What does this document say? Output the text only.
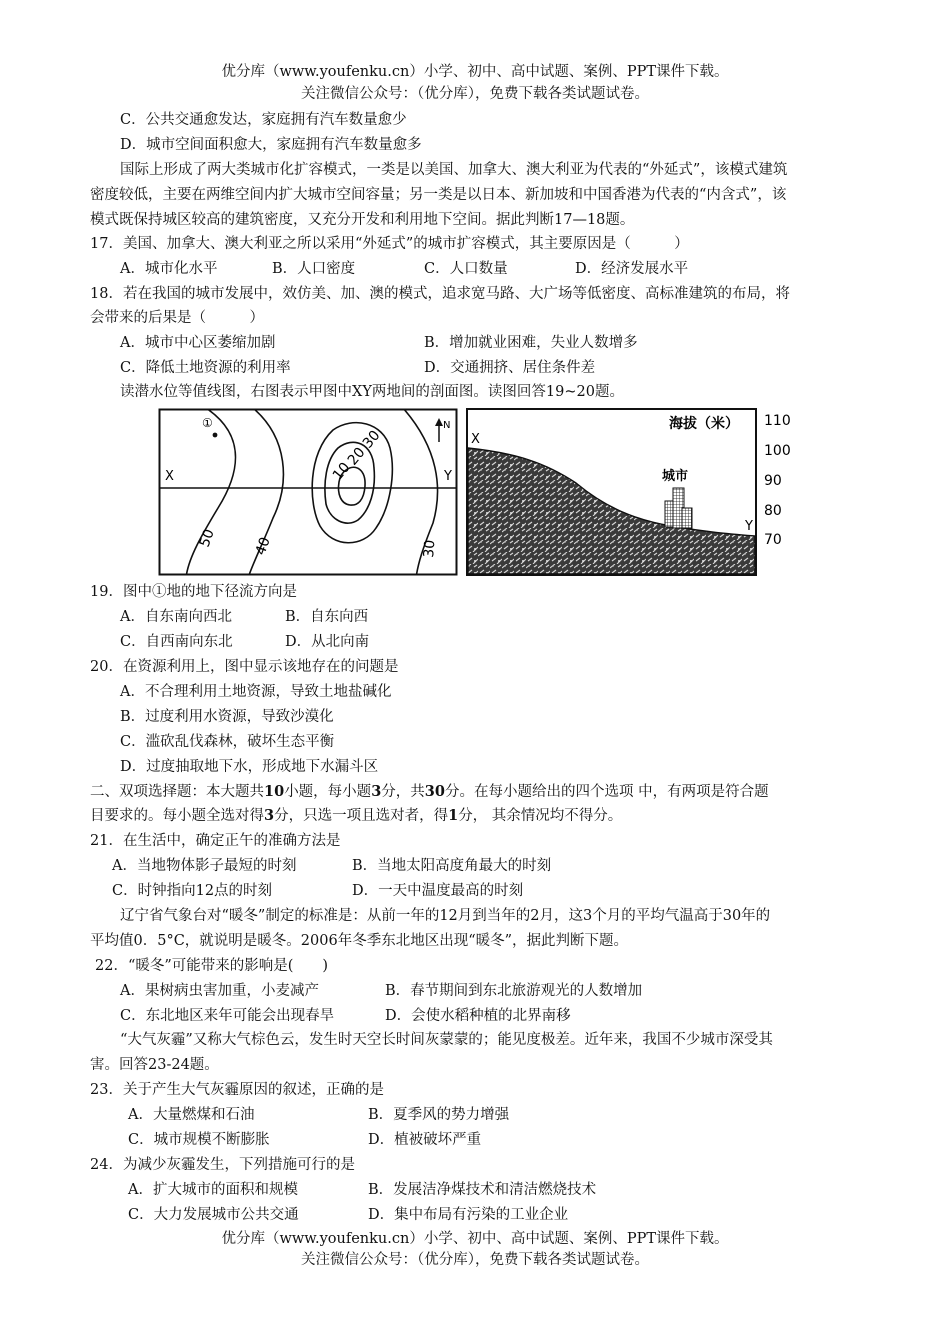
优分库（www.youfenku.cn）小学、初中、高中试题、案例、PPT课件下载。
关注微信公众号：（优分库），免费下载各类试题试卷。
C．公共交通愈发达，家庭拥有汽车数量愈少
D．城市空间面积愈大，家庭拥有汽车数量愈多
国际上形成了两大类城市化扩容模式，一类是以美国、加拿大、澳大利亚为代表的“外延式”，该模式建筑
密度较低，主要在两维空间内扩大城市空间容量；另一类是以日本、新加坡和中国香港为代表的“内含式”，该
模式既保持城区较高的建筑密度，又充分开发和利用地下空间。据此判断17—18题。
17．美国、加拿大、澳大利亚之所以采用“外延式”的城市扩容模式，其主要原因是（　　　）
A．城市化水平	B．人口密度	C．人口数量	D．经济发展水平
18．若在我国的城市发展中，效仿美、加、澳的模式，追求宽马路、大广场等低密度、高标准建筑的布局，将
会带来的后果是（　　　）
A．城市中心区萎缩加剧	B．增加就业困难，失业人数增多
C．降低土地资源的利用率	D．交通拥挤、居住条件差
读潜水位等值线图，右图表示甲图中XY两地间的剖面图。读图回答19~20题。
X	Y
①	N
50 40
30
20
10
30
X
Y
海拔（米）
城市
110
100
90
80
70
19．图中①地的地下径流方向是
A．自东南向西北	B．自东向西
C．自西南向东北	D．从北向南
20．在资源利用上，图中显示该地存在的问题是
A．不合理利用土地资源，导致土地盐碱化
B．过度利用水资源，导致沙漠化
C．滥砍乱伐森林，破坏生态平衡
D．过度抽取地下水，形成地下水漏斗区
二、双项选择题：本大题共10小题，每小题3分，共30分。在每小题给出的四个选项 中，有两项是符合题
目要求的。每小题全选对得3分，只选一项且选对者，得1分， 其余情况均不得分。
21．在生活中，确定正午的准确方法是
A．当地物体影子最短的时刻	B．当地太阳高度角最大的时刻
C．时钟指向12点的时刻	D．一天中温度最高的时刻
辽宁省气象台对“暖冬”制定的标准是：从前一年的12月到当年的2月，这3个月的平均气温高于30年的
平均值0．5°C，就说明是暖冬。2006年冬季东北地区出现“暖冬”，据此判断下题。
22．“暖冬”可能带来的影响是(　　)
A．果树病虫害加重，小麦减产	B．春节期间到东北旅游观光的人数增加
C．东北地区来年可能会出现春旱	D．会使水稻种植的北界南移
“大气灰霾”又称大气棕色云，发生时天空长时间灰蒙蒙的；能见度极差。近年来，我国不少城市深受其
害。回答23-24题。
23．关于产生大气灰霾原因的叙述，正确的是
A．大量燃煤和石油	B．夏季风的势力增强
C．城市规模不断膨胀	D．植被破坏严重
24．为减少灰霾发生，下列措施可行的是
A．扩大城市的面积和规模	B．发展洁净煤技术和清洁燃烧技术
C．大力发展城市公共交通	D．集中布局有污染的工业企业
优分库（www.youfenku.cn）小学、初中、高中试题、案例、PPT课件下载。
关注微信公众号：（优分库），免费下载各类试题试卷。
